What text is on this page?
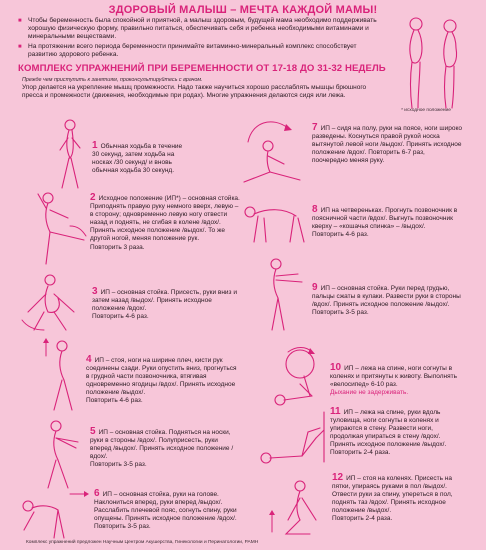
ЗДОРОВЫЙ МАЛЫШ – МЕЧТА КАЖДОЙ МАМЫ!
■ Чтобы беременность была спокойной и приятной, а малыш здоровым, будущей мама необходимо поддерживать хорошую физическую форму, правильно питаться, обеспечивать себя и ребенка необходимыми витаминами и минеральными веществами.
■ На протяжении всего периода беременности принимайте витаминно-минеральный комплекс способствует развитию здорового ребенка.
* исходное положение
КОМПЛЕКС УПРАЖНЕНИЙ ПРИ БЕРЕМЕННОСТИ ОТ 17-18 ДО 31-32 НЕДЕЛЬ
Прежде чем приступить к занятиям, проконсультируйтесь с врачом.
Упор делается на укрепление мышц промежности. Надо также научиться хорошо расслаблять мышцы брюшного пресса и промежности (движения, необходимые при родах). Многие упражнения делаются сидя или лежа.
1 Обычная ходьба в течение 30 секунд, затем ходьба на носках /30 секунд/ и вновь обычная ходьба 30 секунд.
2 Исходное положение (ИП*) – основная стойка. Приподнять правую руку немного вверх, левую – в сторону; одновременно левую ногу отвести назад и поднять, не сгибая в колене /вдох/. Принять исходное положение /выдох/. То же другой ногой, меняя положение рук.
Повторить 3 раза.
3 ИП – основная стойка. Присесть, руки вниз и затем назад /выдох/. Принять исходное положение /вдох/.
Повторить 4-6 раз.
4 ИП – стоя, ноги на ширине плеч, кисти рук соединены сзади. Руки опустить вниз, прогнуться в грудной части позвоночника, втягивая одновременно ягодицы /вдох/. Принять исходное положение /выдох/.
Повторить 4-6 раз.
5 ИП – основная стойка. Подняться на носки, руки в стороны /вдох/. Полуприсесть, руки вперед /выдох/. Принять исходное положение /вдох/.
Повторить 3-5 раз.
6 ИП – основная стойка, руки на голове. Наклониться вперед, руки вперед /выдох/. Расслабить плечевой пояс, согнуть спину, руки опущены. Принять исходное положение /вдох/.
Повторить 3-5 раз.
7 ИП – сидя на полу, руки на поясе, ноги широко разведены. Коснуться правой рукой носка вытянутой левой ноги /выдох/. Принять исходное положение /вдох/. Повторить 6-7 раз, поочередно меняя руку.
8 ИП на четвереньках. Прогнуть позвоночник в поясничной части /вдох/. Выгнуть позвоночник кверху – «кошачья спинка» – /выдох/.
Повторить 4-6 раз.
9 ИП – основная стойка. Руки перед грудью, пальцы сжаты в кулаки. Развести руки в стороны /вдох/. Принять исходное положение /выдох/.
Повторить 3-5 раз.
10 ИП – лежа на спине, ноги согнуты в коленях и притянуты к животу. Выполнять «велосипед» 6-10 раз.
Дыхание не задерживать.
11 ИП – лежа на спине, руки вдоль туловища, ноги согнуты в коленях и упираются в стену. Развести ноги, продолжая упираться в стену /вдох/. Принять исходное положение /выдох/.
Повторить 2-4 раза.
12 ИП – стоя на коленях. Присесть на пятки, упираясь руками в пол /выдох/. Отвести руки за спину, упереться в пол, поднять таз /вдох/. Принять исходное положение /выдох/.
Повторить 2-4 раза.
Комплекс упражнений предложен Научным Центром Акушерства, Гинекологии и Перинатологии, РАМН
